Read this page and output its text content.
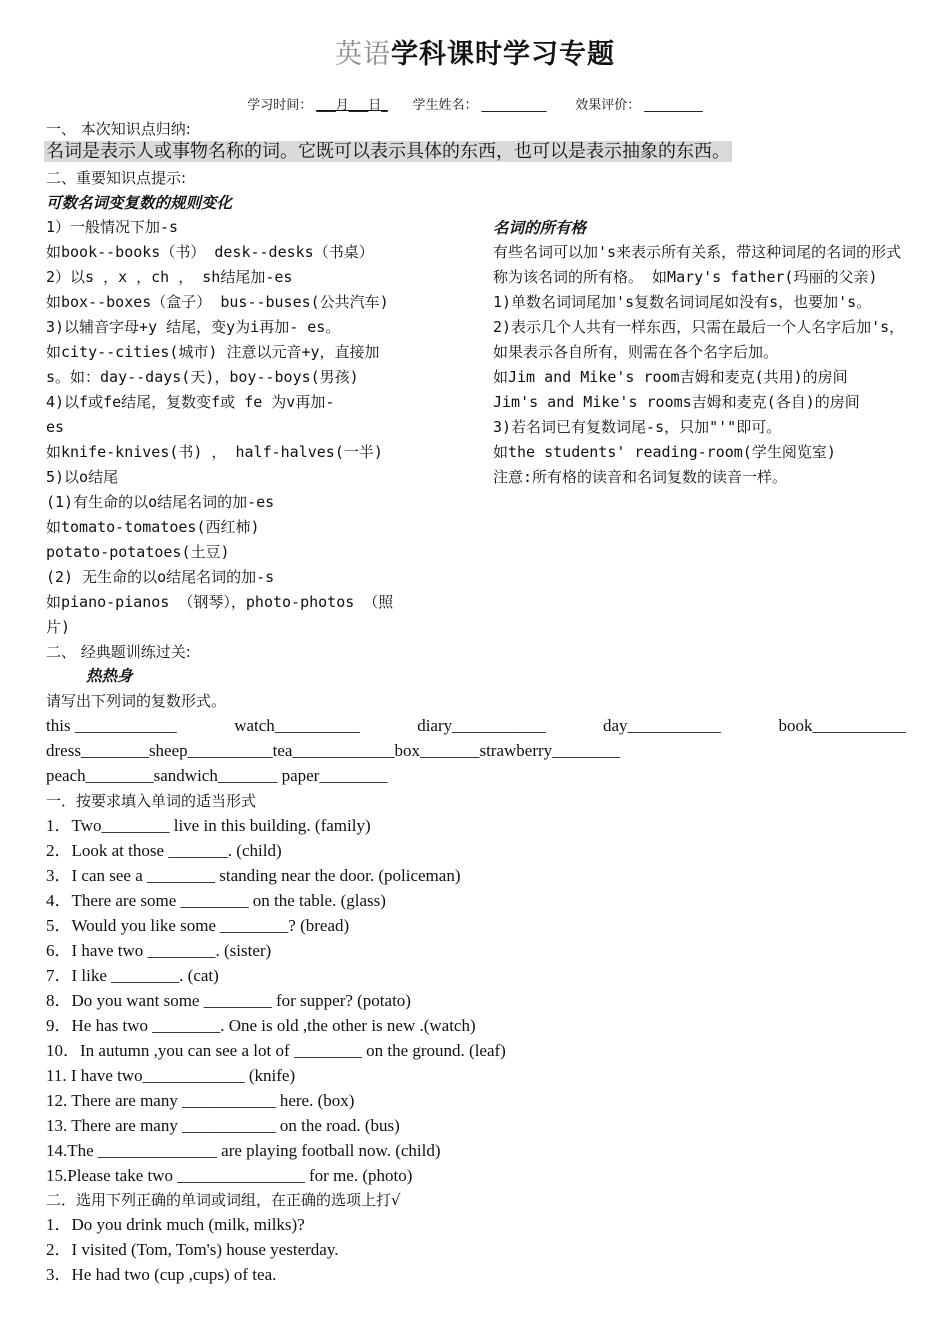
英语学科课时学习专题
学习时间： ___月___日_ 学生姓名： __________ 效果评价： _________
一、 本次知识点归纳:
名词是表示人或事物名称的词。它既可以表示具体的东西，也可以是表示抽象的东西。
二、重要知识点提示:
可数名词变复数的规则变化
1）一般情况下加-s
如book--books（书） desk--desks（书桌）
2）以s ，x ，ch ， sh结尾加-es
如box--boxes（盒子） bus--buses(公共汽车)
3)以辅音字母+y 结尾，变y为i再加- es。
如city--cities(城市) 注意以元音+y，直接加
s。如：day--days(天)，boy--boys(男孩)
4)以f或fe结尾，复数变f或 fe 为v再加-
es
如knife-knives(书) ， half-halves(一半)
5)以o结尾
(1)有生命的以o结尾名词的加-es
如tomato-tomatoes(西红柿)
potato-potatoes(土豆)
(2) 无生命的以o结尾名词的加-s
如piano-pianos （钢琴），photo-photos （照
片)
名词的所有格
有些名词可以加's来表示所有关系，带这种词尾的名词的形式称为该名词的所有格。 如Mary's father(玛丽的父亲)
1)单数名词词尾加's复数名词词尾如没有s，也要加's。
2)表示几个人共有一样东西，只需在最后一个人名字后加's，如果表示各自所有，则需在各个名字后加。
如Jim and Mike's room吉姆和麦克(共用)的房间
Jim's and Mike's rooms吉姆和麦克(各自)的房间
3)若名词已有复数词尾-s，只加"'"即可。
如the students' reading-room(学生阅览室)
注意:所有格的读音和名词复数的读音一样。
二、 经典题训练过关:
热热身
请写出下列词的复数形式。
this ____________	watch__________	diary___________	day___________	book___________
dress________sheep__________tea____________box_______strawberry________
peach________sandwich_______ paper________
一．按要求填入单词的适当形式
1．Two________ live in this building. (family)
2．Look at those _______. (child)
3．I can see a ________ standing near the door. (policeman)
4．There are some ________ on the table. (glass)
5．Would you like some ________? (bread)
6．I have two ________. (sister)
7．I like ________. (cat)
8．Do you want some ________ for supper? (potato)
9．He has two ________. One is old ,the other is new .(watch)
10．In autumn ,you can see a lot of ________ on the ground. (leaf)
11. I have two____________ (knife)
12. There are many ___________ here. (box)
13. There are many ___________ on the road. (bus)
14.The ______________ are playing football now. (child)
15.Please take two _______________ for me. (photo)
二．选用下列正确的单词或词组，在正确的选项上打√
1．Do you drink much (milk, milks)?
2．I visited (Tom, Tom's) house yesterday.
3．He had two (cup ,cups) of tea.
